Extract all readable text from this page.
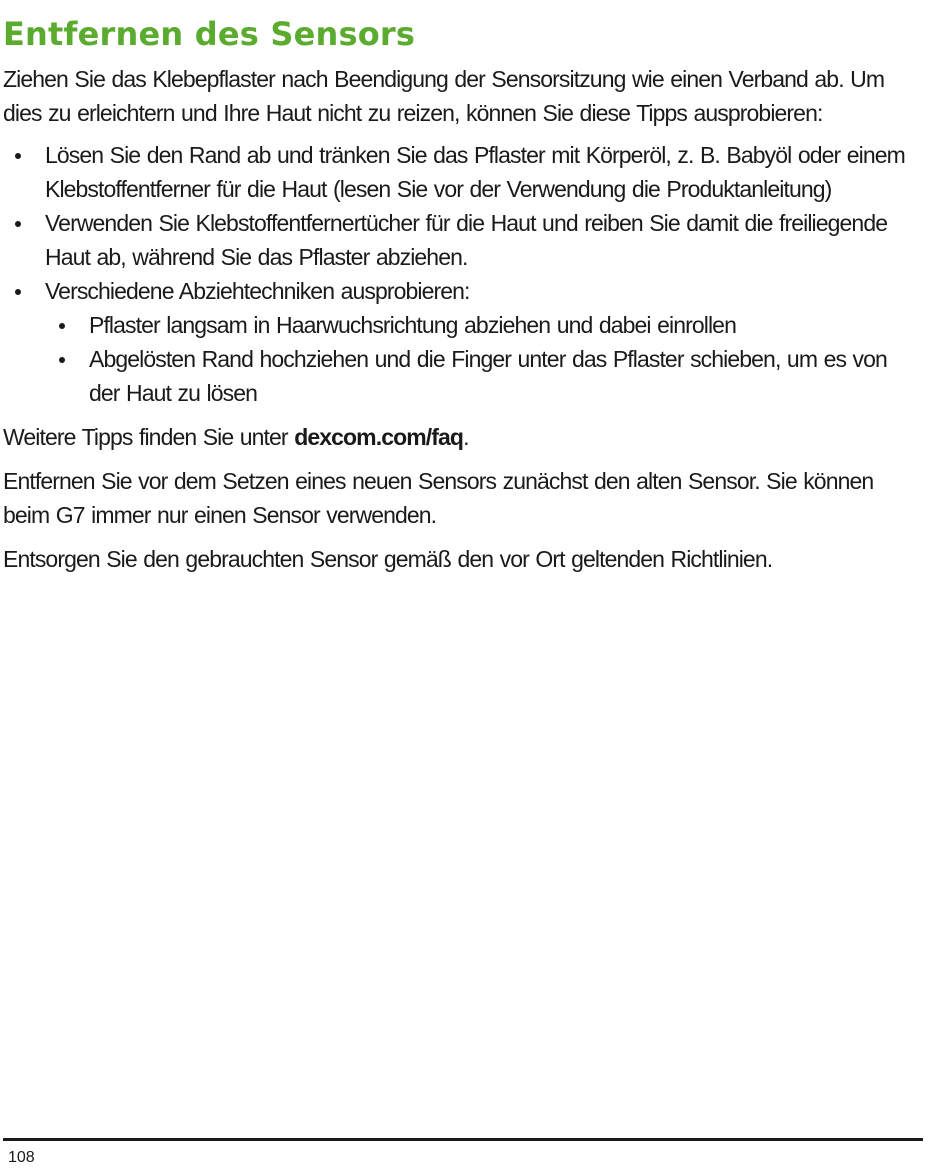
Entfernen des Sensors

Ziehen Sie das Klebepflaster nach Beendigung der Sensorsitzung wie einen Verband ab. Um dies zu erleichtern und Ihre Haut nicht zu reizen, können Sie diese Tipps ausprobieren:

Lösen Sie den Rand ab und tränken Sie das Pflaster mit Körperöl, z. B. Babyöl oder einem Klebstoffentferner für die Haut (lesen Sie vor der Verwendung die Produktanleitung)
Verwenden Sie Klebstoffentfernertücher für die Haut und reiben Sie damit die freiliegende Haut ab, während Sie das Pflaster abziehen.
Verschiedene Abziehtechniken ausprobieren:
Pflaster langsam in Haarwuchsrichtung abziehen und dabei einrollen
Abgelösten Rand hochziehen und die Finger unter das Pflaster schieben, um es von der Haut zu lösen

Weitere Tipps finden Sie unter dexcom.com/faq.

Entfernen Sie vor dem Setzen eines neuen Sensors zunächst den alten Sensor. Sie können beim G7 immer nur einen Sensor verwenden.

Entsorgen Sie den gebrauchten Sensor gemäß den vor Ort geltenden Richtlinien.

108
